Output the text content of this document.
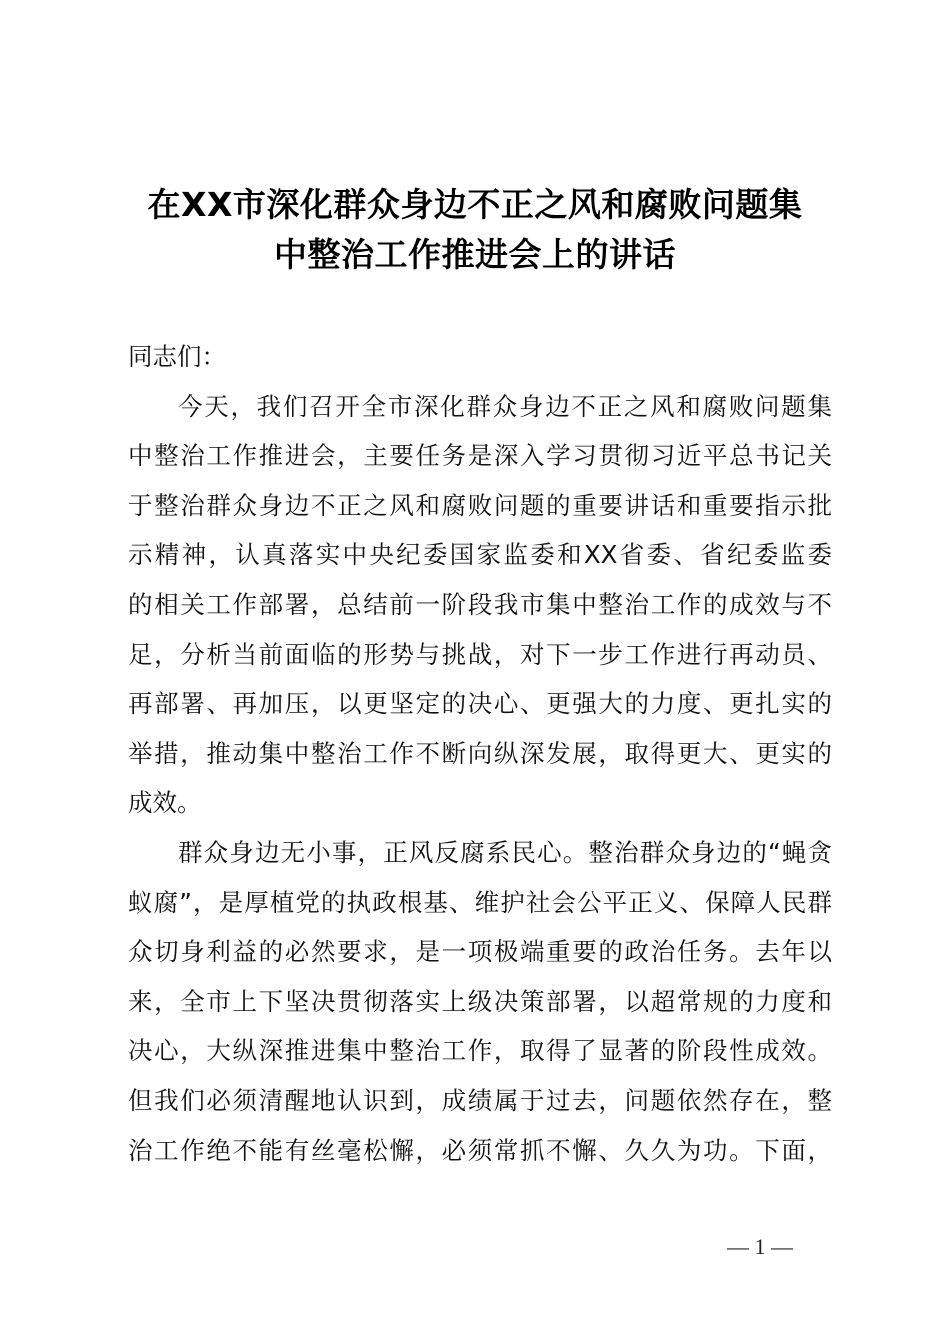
在XX市深化群众身边不正之风和腐败问题集
中整治工作推进会上的讲话
同志们：
今天，我们召开全市深化群众身边不正之风和腐败问题集
中整治工作推进会，主要任务是深入学习贯彻习近平总书记关
于整治群众身边不正之风和腐败问题的重要讲话和重要指示批
示精神，认真落实中央纪委国家监委和XX省委、省纪委监委
的相关工作部署，总结前一阶段我市集中整治工作的成效与不
足，分析当前面临的形势与挑战，对下一步工作进行再动员、
再部署、再加压，以更坚定的决心、更强大的力度、更扎实的
举措，推动集中整治工作不断向纵深发展，取得更大、更实的
成效。
群众身边无小事，正风反腐系民心。整治群众身边的“蝇贪
蚁腐”，是厚植党的执政根基、维护社会公平正义、保障人民群
众切身利益的必然要求，是一项极端重要的政治任务。去年以
来，全市上下坚决贯彻落实上级决策部署，以超常规的力度和
决心，大纵深推进集中整治工作，取得了显著的阶段性成效。
但我们必须清醒地认识到，成绩属于过去，问题依然存在，整
治工作绝不能有丝毫松懈，必须常抓不懈、久久为功。下面，
— 1 —
